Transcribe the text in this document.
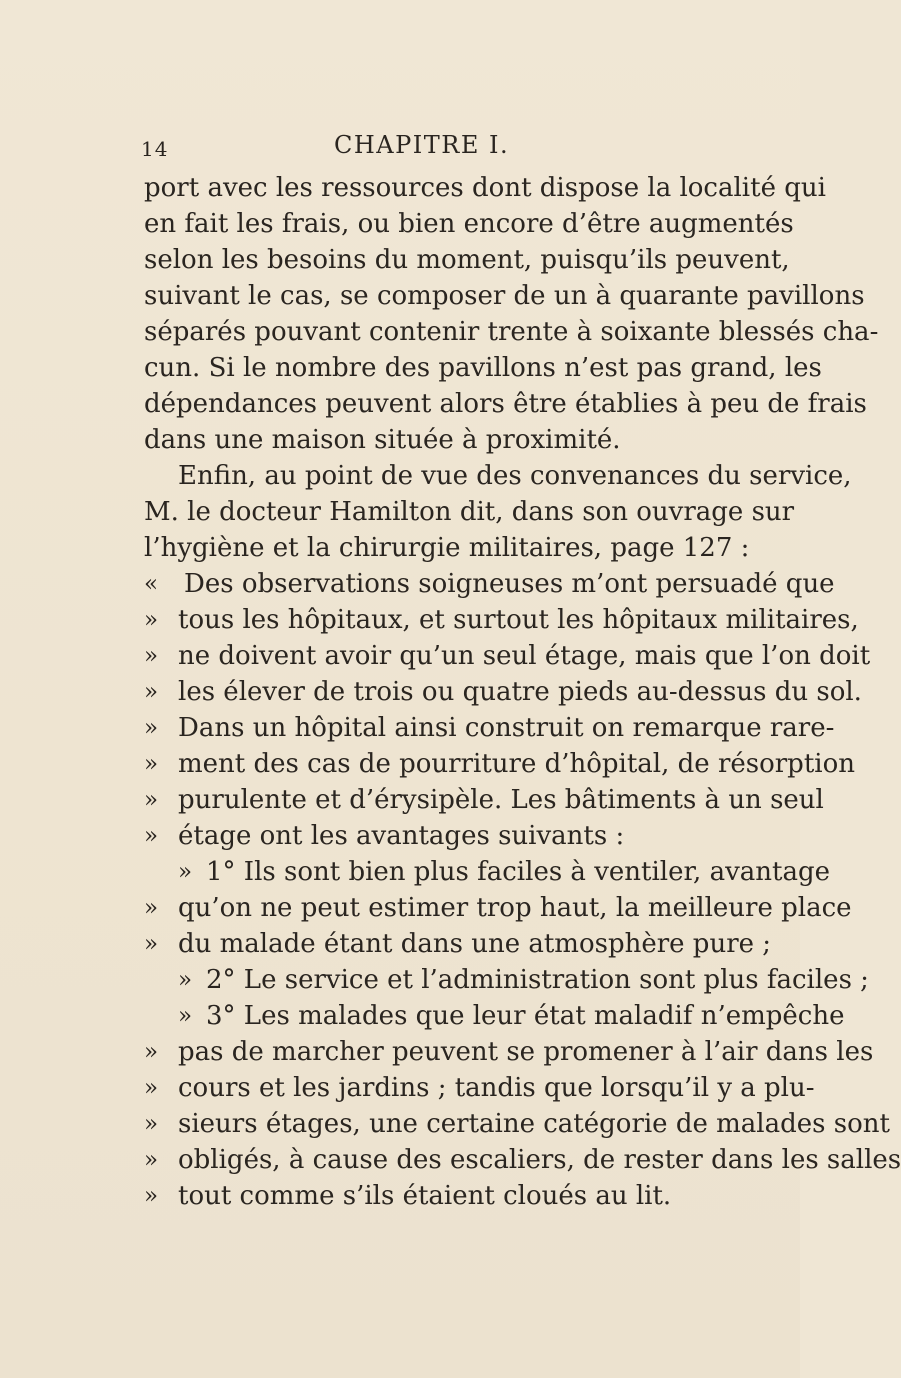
14	CHAPITRE I.
port avec les ressources dont dispose la localité qui
en fait les frais, ou bien encore d’être augmentés
selon les besoins du moment, puisqu’ils peuvent,
suivant le cas, se composer de un à quarante pavillons
séparés pouvant contenir trente à soixante blessés cha-
cun. Si le nombre des pavillons n’est pas grand, les
dépendances peuvent alors être établies à peu de frais
dans une maison située à proximité.
Enfin, au point de vue des convenances du service,
M. le docteur Hamilton dit, dans son ouvrage sur
l’hygiène et la chirurgie militaires, page 127 :
« Des observations soigneuses m’ont persuadé que
» tous les hôpitaux, et surtout les hôpitaux militaires,
» ne doivent avoir qu’un seul étage, mais que l’on doit
» les élever de trois ou quatre pieds au-dessus du sol.
» Dans un hôpital ainsi construit on remarque rare-
» ment des cas de pourriture d’hôpital, de résorption
» purulente et d’érysipèle. Les bâtiments à un seul
» étage ont les avantages suivants :
» 1° Ils sont bien plus faciles à ventiler, avantage
» qu’on ne peut estimer trop haut, la meilleure place
» du malade étant dans une atmosphère pure ;
» 2° Le service et l’administration sont plus faciles ;
» 3° Les malades que leur état maladif n’empêche
» pas de marcher peuvent se promener à l’air dans les
» cours et les jardins ; tandis que lorsqu’il y a plu-
» sieurs étages, une certaine catégorie de malades sont
» obligés, à cause des escaliers, de rester dans les salles
» tout comme s’ils étaient cloués au lit.
